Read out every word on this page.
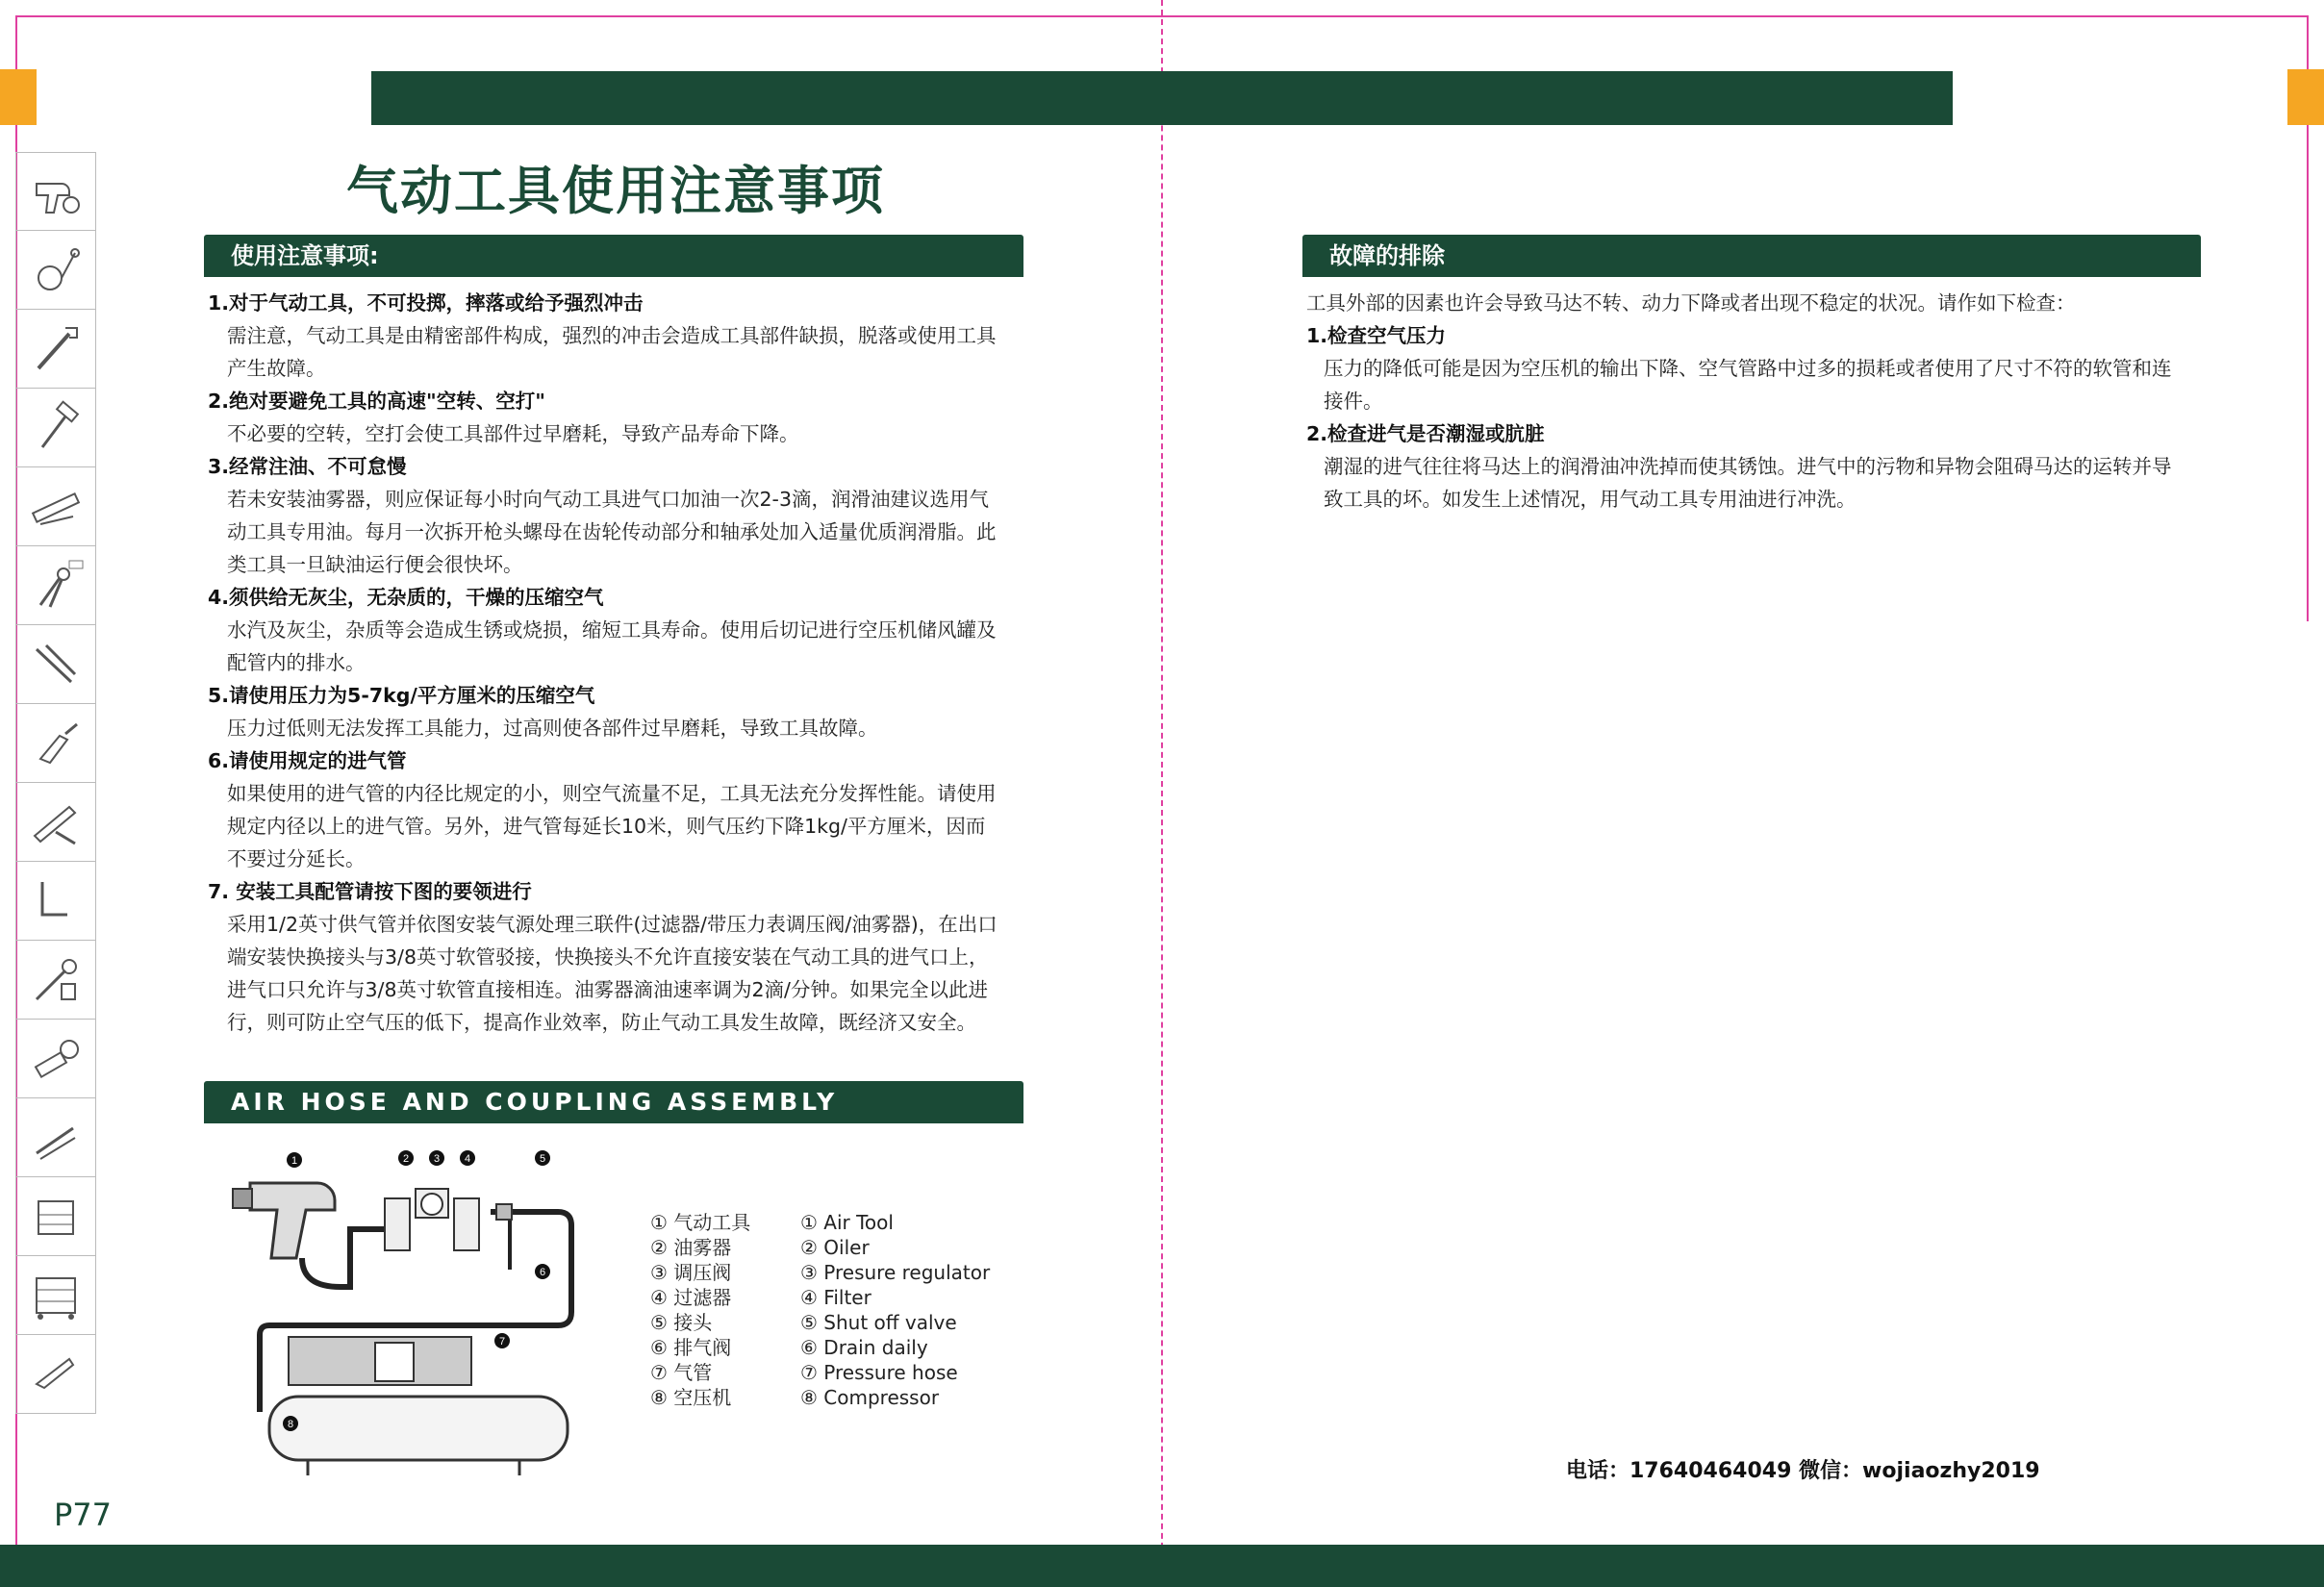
气动工具使用注意事项
使用注意事项:
1.对于气动工具，不可投掷，摔落或给予强烈冲击
需注意，气动工具是由精密部件构成，强烈的冲击会造成工具部件缺损，脱落或使用工具
产生故障。
2.绝对要避免工具的高速"空转、空打"
不必要的空转，空打会使工具部件过早磨耗，导致产品寿命下降。
3.经常注油、不可怠慢
若未安装油雾器，则应保证每小时向气动工具进气口加油一次2-3滴，润滑油建议选用气
动工具专用油。每月一次拆开枪头螺母在齿轮传动部分和轴承处加入适量优质润滑脂。此
类工具一旦缺油运行便会很快坏。
4.须供给无灰尘，无杂质的，干燥的压缩空气
水汽及灰尘，杂质等会造成生锈或烧损，缩短工具寿命。使用后切记进行空压机储风罐及
配管内的排水。
5.请使用压力为5-7kg/平方厘米的压缩空气
压力过低则无法发挥工具能力，过高则使各部件过早磨耗，导致工具故障。
6.请使用规定的进气管
如果使用的进气管的内径比规定的小，则空气流量不足，工具无法充分发挥性能。请使用
规定内径以上的进气管。另外，进气管每延长10米，则气压约下降1kg/平方厘米，因而
不要过分延长。
7. 安装工具配管请按下图的要领进行
采用1/2英寸供气管并依图安装气源处理三联件(过滤器/带压力表调压阀/油雾器)，在出口
端安装快换接头与3/8英寸软管驳接，快换接头不允许直接安装在气动工具的进气口上，
进气口只允许与3/8英寸软管直接相连。油雾器滴油速率调为2滴/分钟。如果完全以此进
行，则可防止空气压的低下，提高作业效率，防止气动工具发生故障，既经济又安全。
AIR HOSE AND COUPLING ASSEMBLY
1	2 3 4	5
6
7
8
① 气动工具
② 油雾器
③ 调压阀
④ 过滤器
⑤ 接头
⑥ 排气阀
⑦ 气管
⑧ 空压机
① Air Tool
② Oiler
③ Presure regulator
④ Filter
⑤ Shut off valve
⑥ Drain daily
⑦ Pressure hose
⑧ Compressor
故障的排除
工具外部的因素也许会导致马达不转、动力下降或者出现不稳定的状况。请作如下检查：
1.检查空气压力
压力的降低可能是因为空压机的输出下降、空气管路中过多的损耗或者使用了尺寸不符的软管和连
接件。
2.检查进气是否潮湿或肮脏
潮湿的进气往往将马达上的润滑油冲洗掉而使其锈蚀。进气中的污物和异物会阻碍马达的运转并导
致工具的坏。如发生上述情况，用气动工具专用油进行冲洗。
电话：17640464049 微信：wojiaozhy2019
P77
